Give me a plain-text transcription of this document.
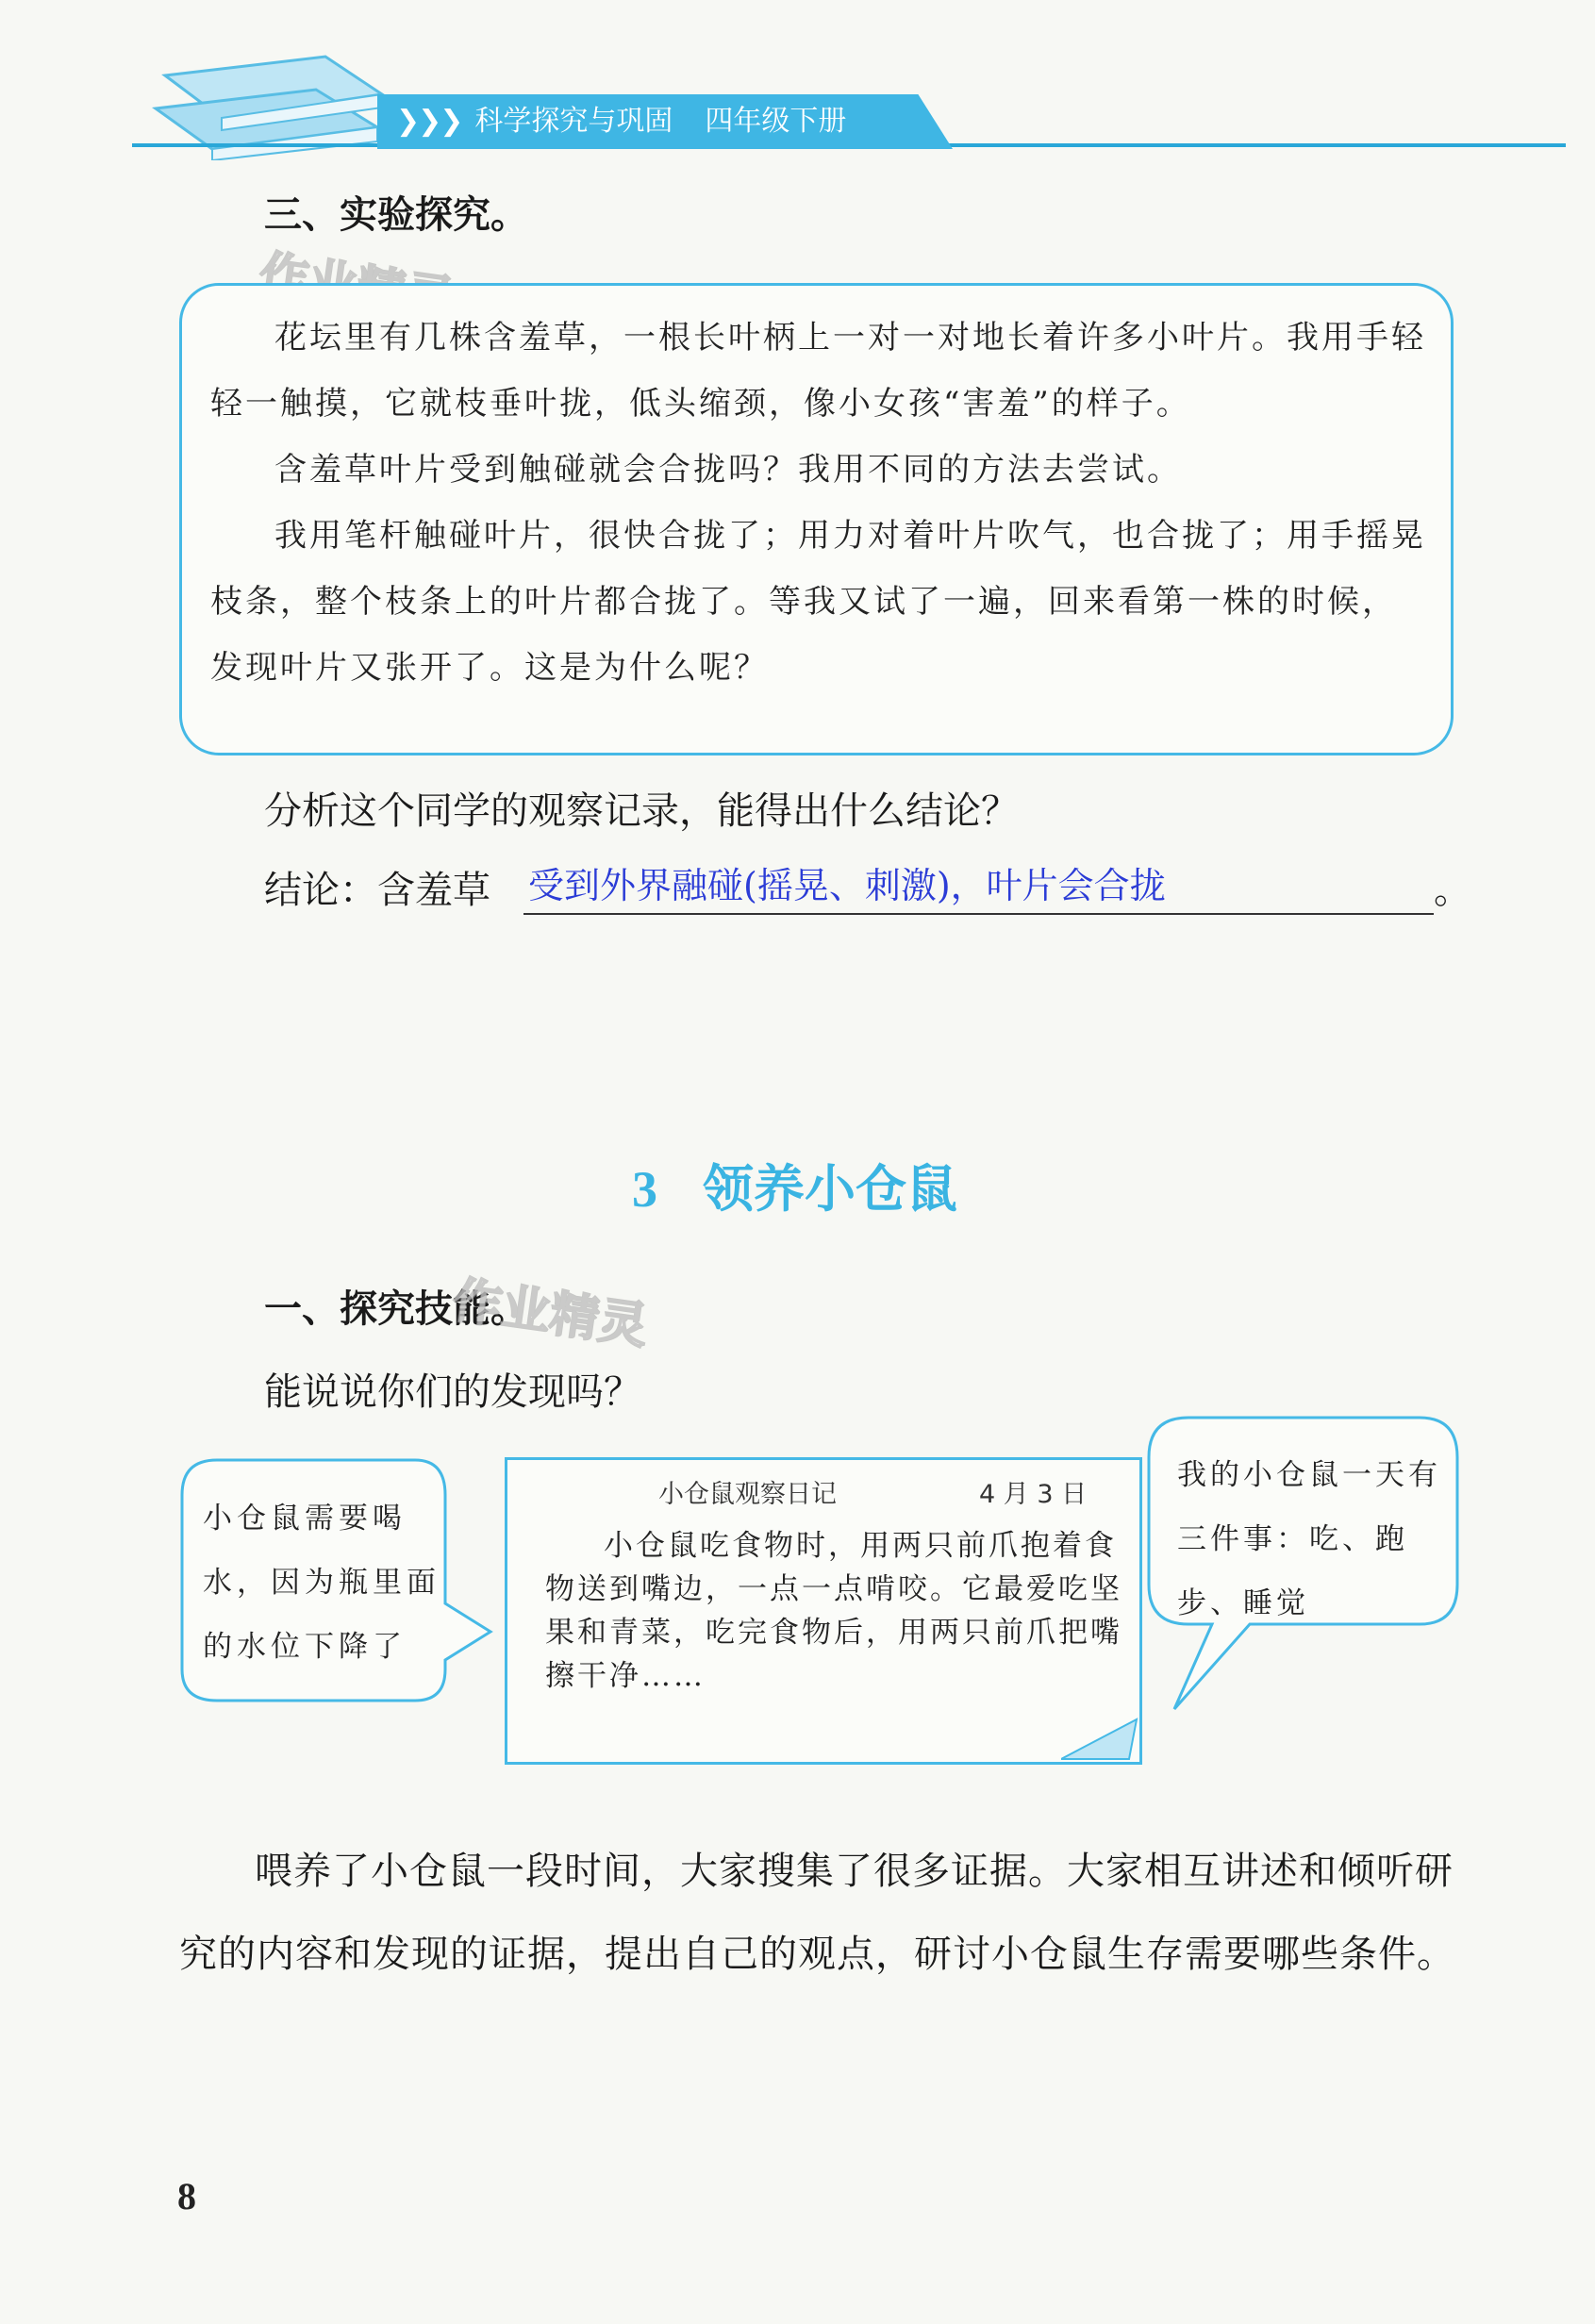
❯❯❯ 科学探究与巩固 四年级下册
三、实验探究。
花坛里有几株含羞草，一根长叶柄上一对一对地长着许多小叶片。我用手轻轻一触摸，它就枝垂叶拢，低头缩颈，像小女孩“害羞”的样子。
含羞草叶片受到触碰就会合拢吗？我用不同的方法去尝试。
我用笔杆触碰叶片，很快合拢了；用力对着叶片吹气，也合拢了；用手摇晃枝条，整个枝条上的叶片都合拢了。等我又试了一遍，回来看第一株的时候，发现叶片又张开了。这是为什么呢？
分析这个同学的观察记录，能得出什么结论？
结论：含羞草 受到外界融碰(摇晃、刺激)，叶片会合拢	。
3 领养小仓鼠
一、探究技能。
作业精灵
能说说你们的发现吗？
小仓鼠需要喝水，因为瓶里面的水位下降了
小仓鼠观察日记	4 月 3 日
小仓鼠吃食物时，用两只前爪抱着食物送到嘴边，一点一点啃咬。它最爱吃坚果和青菜，吃完食物后，用两只前爪把嘴擦干净……
我的小仓鼠一天有三件事：吃、跑步、睡觉
喂养了小仓鼠一段时间，大家搜集了很多证据。大家相互讲述和倾听研究的内容和发现的证据，提出自己的观点，研讨小仓鼠生存需要哪些条件。
8
